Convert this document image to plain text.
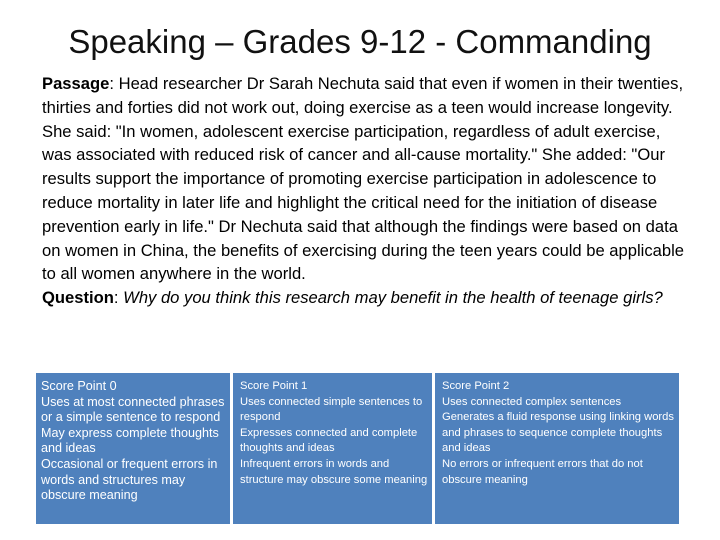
Speaking – Grades 9-12 - Commanding
Passage: Head researcher Dr Sarah Nechuta said that even if women in their twenties, thirties and forties did not work out, doing exercise as a teen would increase longevity. She said: "In women, adolescent exercise participation, regardless of adult exercise, was associated with reduced risk of cancer and all-cause mortality." She added: "Our results support the importance of promoting exercise participation in adolescence to reduce mortality in later life and highlight the critical need for the initiation of disease prevention early in life." Dr Nechuta said that although the findings were based on data on women in China, the benefits of exercising during the teen years could be applicable to all women anywhere in the world.
Question: Why do you think this research may benefit in the health of teenage girls?
Score Point 0
Uses at most connected phrases or a simple sentence to respond
May express complete thoughts and ideas
Occasional or frequent errors in words and structures may obscure meaning
Score Point 1
Uses connected simple sentences to respond
Expresses connected and complete thoughts and ideas
Infrequent errors in words and structure may obscure some meaning
Score Point 2
Uses connected complex sentences
Generates a fluid response using linking words and phrases to sequence complete thoughts and ideas
No errors or infrequent errors that do not obscure meaning
